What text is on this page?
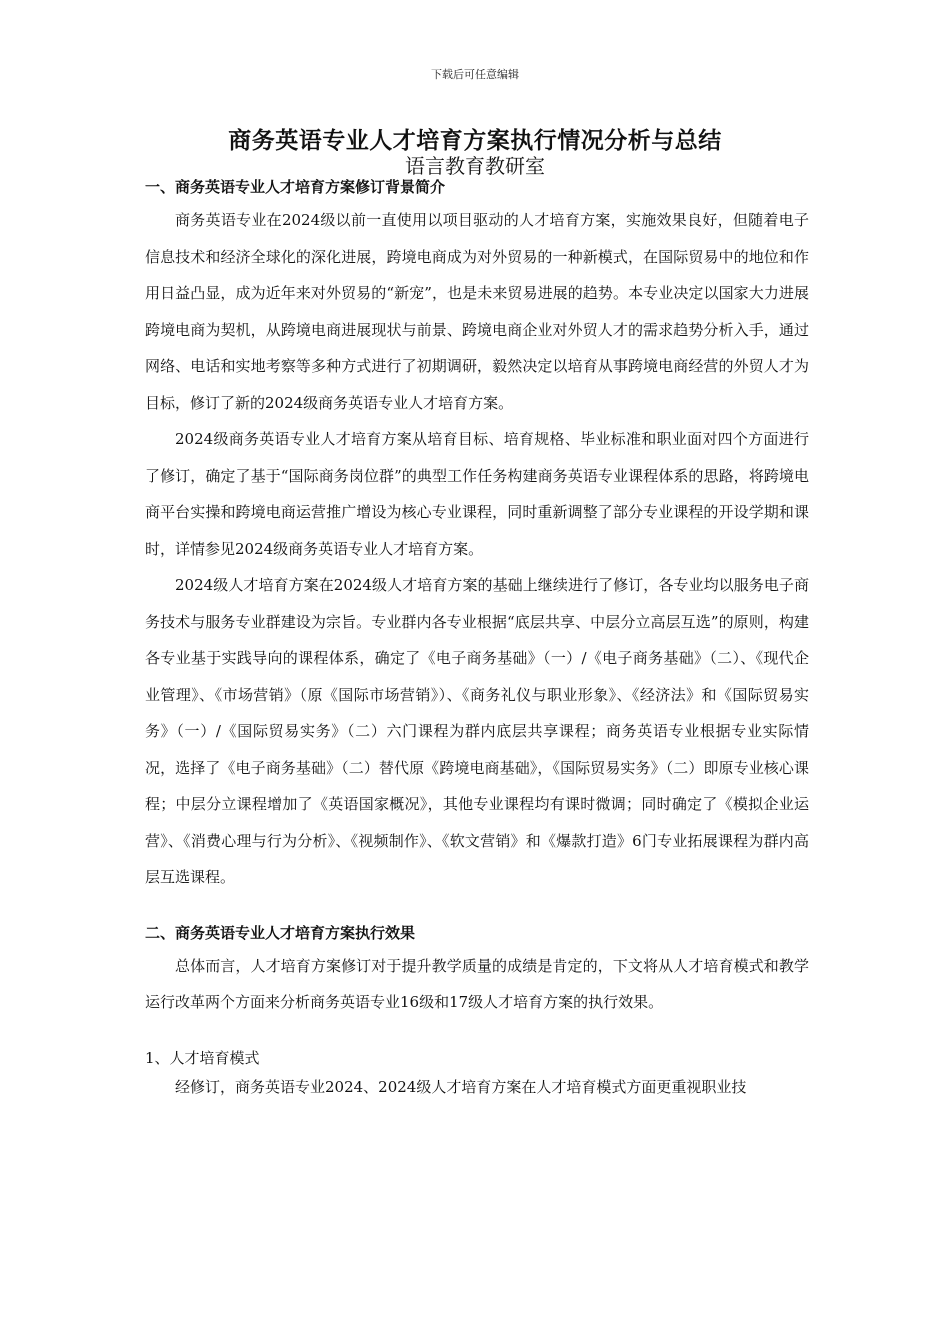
下载后可任意编辑
商务英语专业人才培育方案执行情况分析与总结
语言教育教研室

一、商务英语专业人才培育方案修订背景简介

商务英语专业在2024级以前一直使用以项目驱动的人才培育方案，实施效果良好，但随着电子信息技术和经济全球化的深化进展，跨境电商成为对外贸易的一种新模式，在国际贸易中的地位和作用日益凸显，成为近年来对外贸易的“新宠”，也是未来贸易进展的趋势。本专业决定以国家大力进展跨境电商为契机，从跨境电商进展现状与前景、跨境电商企业对外贸人才的需求趋势分析入手，通过网络、电话和实地考察等多种方式进行了初期调研，毅然决定以培育从事跨境电商经营的外贸人才为目标，修订了新的2024级商务英语专业人才培育方案。

2024级商务英语专业人才培育方案从培育目标、培育规格、毕业标准和职业面对四个方面进行了修订，确定了基于“国际商务岗位群”的典型工作任务构建商务英语专业课程体系的思路，将跨境电商平台实操和跨境电商运营推广增设为核心专业课程，同时重新调整了部分专业课程的开设学期和课时，详情参见2024级商务英语专业人才培育方案。

2024级人才培育方案在2024级人才培育方案的基础上继续进行了修订，各专业均以服务电子商务技术与服务专业群建设为宗旨。专业群内各专业根据“底层共享、中层分立高层互选”的原则，构建各专业基于实践导向的课程体系，确定了《电子商务基础》（一）/《电子商务基础》（二）、《现代企业管理》、《市场营销》（原《国际市场营销》）、《商务礼仪与职业形象》、《经济法》和《国际贸易实务》（一）/《国际贸易实务》（二）六门课程为群内底层共享课程；商务英语专业根据专业实际情况，选择了《电子商务基础》（二）替代原《跨境电商基础》，《国际贸易实务》（二）即原专业核心课程；中层分立课程增加了《英语国家概况》，其他专业课程均有课时微调；同时确定了《模拟企业运营》、《消费心理与行为分析》、《视频制作》、《软文营销》和《爆款打造》6门专业拓展课程为群内高层互选课程。

二、商务英语专业人才培育方案执行效果

总体而言，人才培育方案修订对于提升教学质量的成绩是肯定的，下文将从人才培育模式和教学运行改革两个方面来分析商务英语专业16级和17级人才培育方案的执行效果。

1、人才培育模式

经修订，商务英语专业2024、2024级人才培育方案在人才培育模式方面更重视职业技
